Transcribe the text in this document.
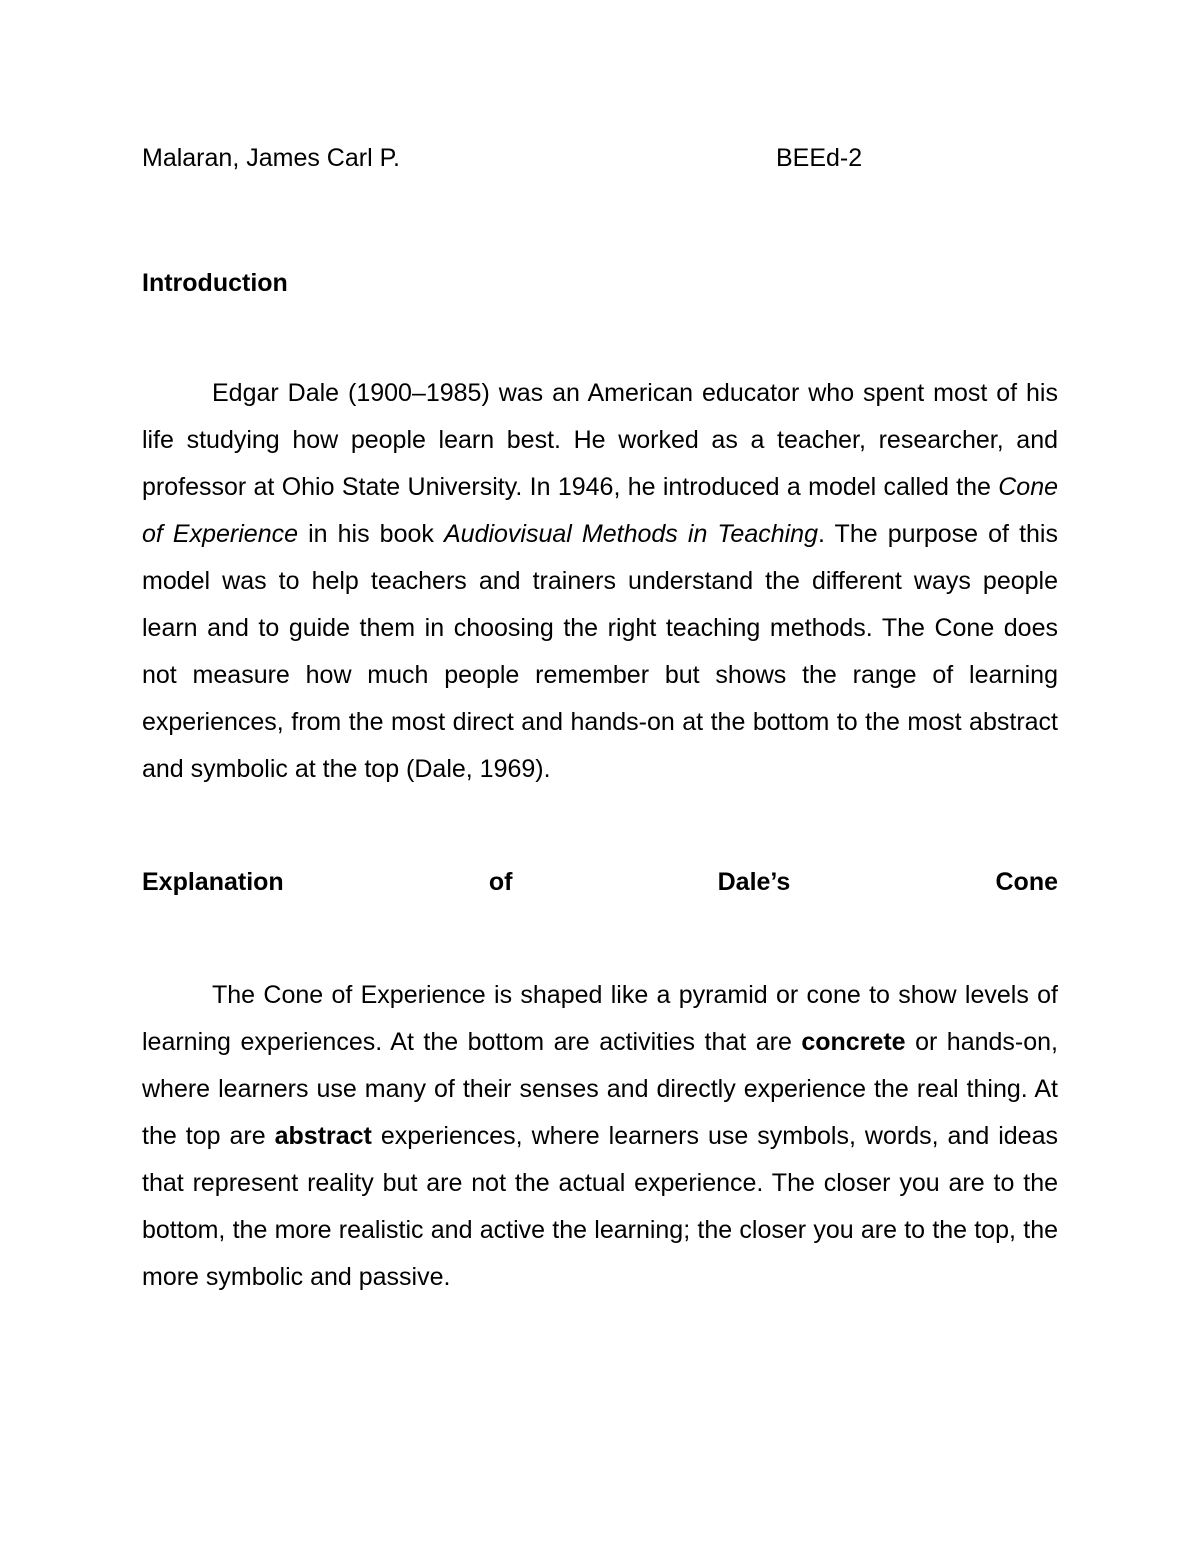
Malaran, James Carl P.	BEEd-2
Introduction

Edgar Dale (1900–1985) was an American educator who spent most of his life studying how people learn best. He worked as a teacher, researcher, and professor at Ohio State University. In 1946, he introduced a model called the Cone of Experience in his book Audiovisual Methods in Teaching. The purpose of this model was to help teachers and trainers understand the different ways people learn and to guide them in choosing the right teaching methods. The Cone does not measure how much people remember but shows the range of learning experiences, from the most direct and hands-on at the bottom to the most abstract and symbolic at the top (Dale, 1969).

Explanation	of	Dale’s	Cone

The Cone of Experience is shaped like a pyramid or cone to show levels of learning experiences. At the bottom are activities that are concrete or hands-on, where learners use many of their senses and directly experience the real thing. At the top are abstract experiences, where learners use symbols, words, and ideas that represent reality but are not the actual experience. The closer you are to the bottom, the more realistic and active the learning; the closer you are to the top, the more symbolic and passive.
